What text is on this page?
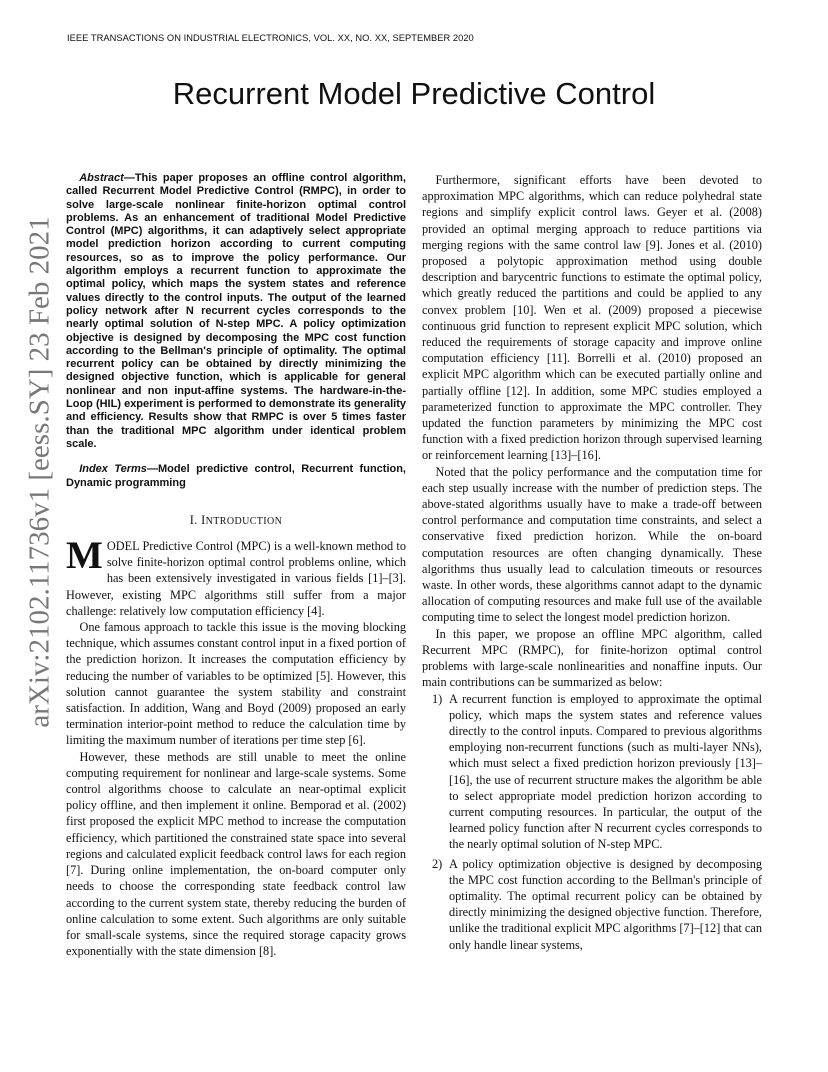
IEEE TRANSACTIONS ON INDUSTRIAL ELECTRONICS, VOL. XX, NO. XX, SEPTEMBER 2020
Recurrent Model Predictive Control
arXiv:2102.11736v1 [eess.SY] 23 Feb 2021

Abstract—This paper proposes an offline control algorithm, called Recurrent Model Predictive Control (RMPC), in order to solve large-scale nonlinear finite-horizon optimal control problems. As an enhancement of traditional Model Predictive Control (MPC) algorithms, it can adaptively select appropriate model prediction horizon according to current computing resources, so as to improve the policy performance. Our algorithm employs a recurrent function to approximate the optimal policy, which maps the system states and reference values directly to the control inputs. The output of the learned policy network after N recurrent cycles corresponds to the nearly optimal solution of N-step MPC. A policy optimization objective is designed by decomposing the MPC cost function according to the Bellman's principle of optimality. The optimal recurrent policy can be obtained by directly minimizing the designed objective function, which is applicable for general nonlinear and non input-affine systems. The hardware-in-the-Loop (HIL) experiment is performed to demonstrate its generality and efficiency. Results show that RMPC is over 5 times faster than the traditional MPC algorithm under identical problem scale.

Index Terms—Model predictive control, Recurrent function, Dynamic programming

I. INTRODUCTION

MODEL Predictive Control (MPC) is a well-known method to solve finite-horizon optimal control problems online, which has been extensively investigated in various fields [1]–[3]. However, existing MPC algorithms still suffer from a major challenge: relatively low computation efficiency [4].

One famous approach to tackle this issue is the moving blocking technique, which assumes constant control input in a fixed portion of the prediction horizon. It increases the computation efficiency by reducing the number of variables to be optimized [5]. However, this solution cannot guarantee the system stability and constraint satisfaction. In addition, Wang and Boyd (2009) proposed an early termination interior-point method to reduce the calculation time by limiting the maximum number of iterations per time step [6].

However, these methods are still unable to meet the online computing requirement for nonlinear and large-scale systems. Some control algorithms choose to calculate an near-optimal explicit policy offline, and then implement it online. Bemporad et al. (2002) first proposed the explicit MPC method to increase the computation efficiency, which partitioned the constrained state space into several regions and calculated explicit feedback control laws for each region [7]. During online implementation, the on-board computer only needs to choose the corresponding state feedback control law according to the current system state, thereby reducing the burden of online calculation to some extent. Such algorithms are only suitable for small-scale systems, since the required storage capacity grows exponentially with the state dimension [8].

Furthermore, significant efforts have been devoted to approximation MPC algorithms, which can reduce polyhedral state regions and simplify explicit control laws. Geyer et al. (2008) provided an optimal merging approach to reduce partitions via merging regions with the same control law [9]. Jones et al. (2010) proposed a polytopic approximation method using double description and barycentric functions to estimate the optimal policy, which greatly reduced the partitions and could be applied to any convex problem [10]. Wen et al. (2009) proposed a piecewise continuous grid function to represent explicit MPC solution, which reduced the requirements of storage capacity and improve online computation efficiency [11]. Borrelli et al. (2010) proposed an explicit MPC algorithm which can be executed partially online and partially offline [12]. In addition, some MPC studies employed a parameterized function to approximate the MPC controller. They updated the function parameters by minimizing the MPC cost function with a fixed prediction horizon through supervised learning or reinforcement learning [13]–[16].

Noted that the policy performance and the computation time for each step usually increase with the number of prediction steps. The above-stated algorithms usually have to make a trade-off between control performance and computation time constraints, and select a conservative fixed prediction horizon. While the on-board computation resources are often changing dynamically. These algorithms thus usually lead to calculation timeouts or resources waste. In other words, these algorithms cannot adapt to the dynamic allocation of computing resources and make full use of the available computing time to select the longest model prediction horizon.

In this paper, we propose an offline MPC algorithm, called Recurrent MPC (RMPC), for finite-horizon optimal control problems with large-scale nonlinearities and nonaffine inputs. Our main contributions can be summarized as below:

1) A recurrent function is employed to approximate the optimal policy, which maps the system states and reference values directly to the control inputs. Compared to previous algorithms employing non-recurrent functions (such as multi-layer NNs), which must select a fixed prediction horizon previously [13]–[16], the use of recurrent structure makes the algorithm be able to select appropriate model prediction horizon according to current computing resources. In particular, the output of the learned policy function after N recurrent cycles corresponds to the nearly optimal solution of N-step MPC.
2) A policy optimization objective is designed by decomposing the MPC cost function according to the Bellman's principle of optimality. The optimal recurrent policy can be obtained by directly minimizing the designed objective function. Therefore, unlike the traditional explicit MPC algorithms [7]–[12] that can only handle linear systems,
